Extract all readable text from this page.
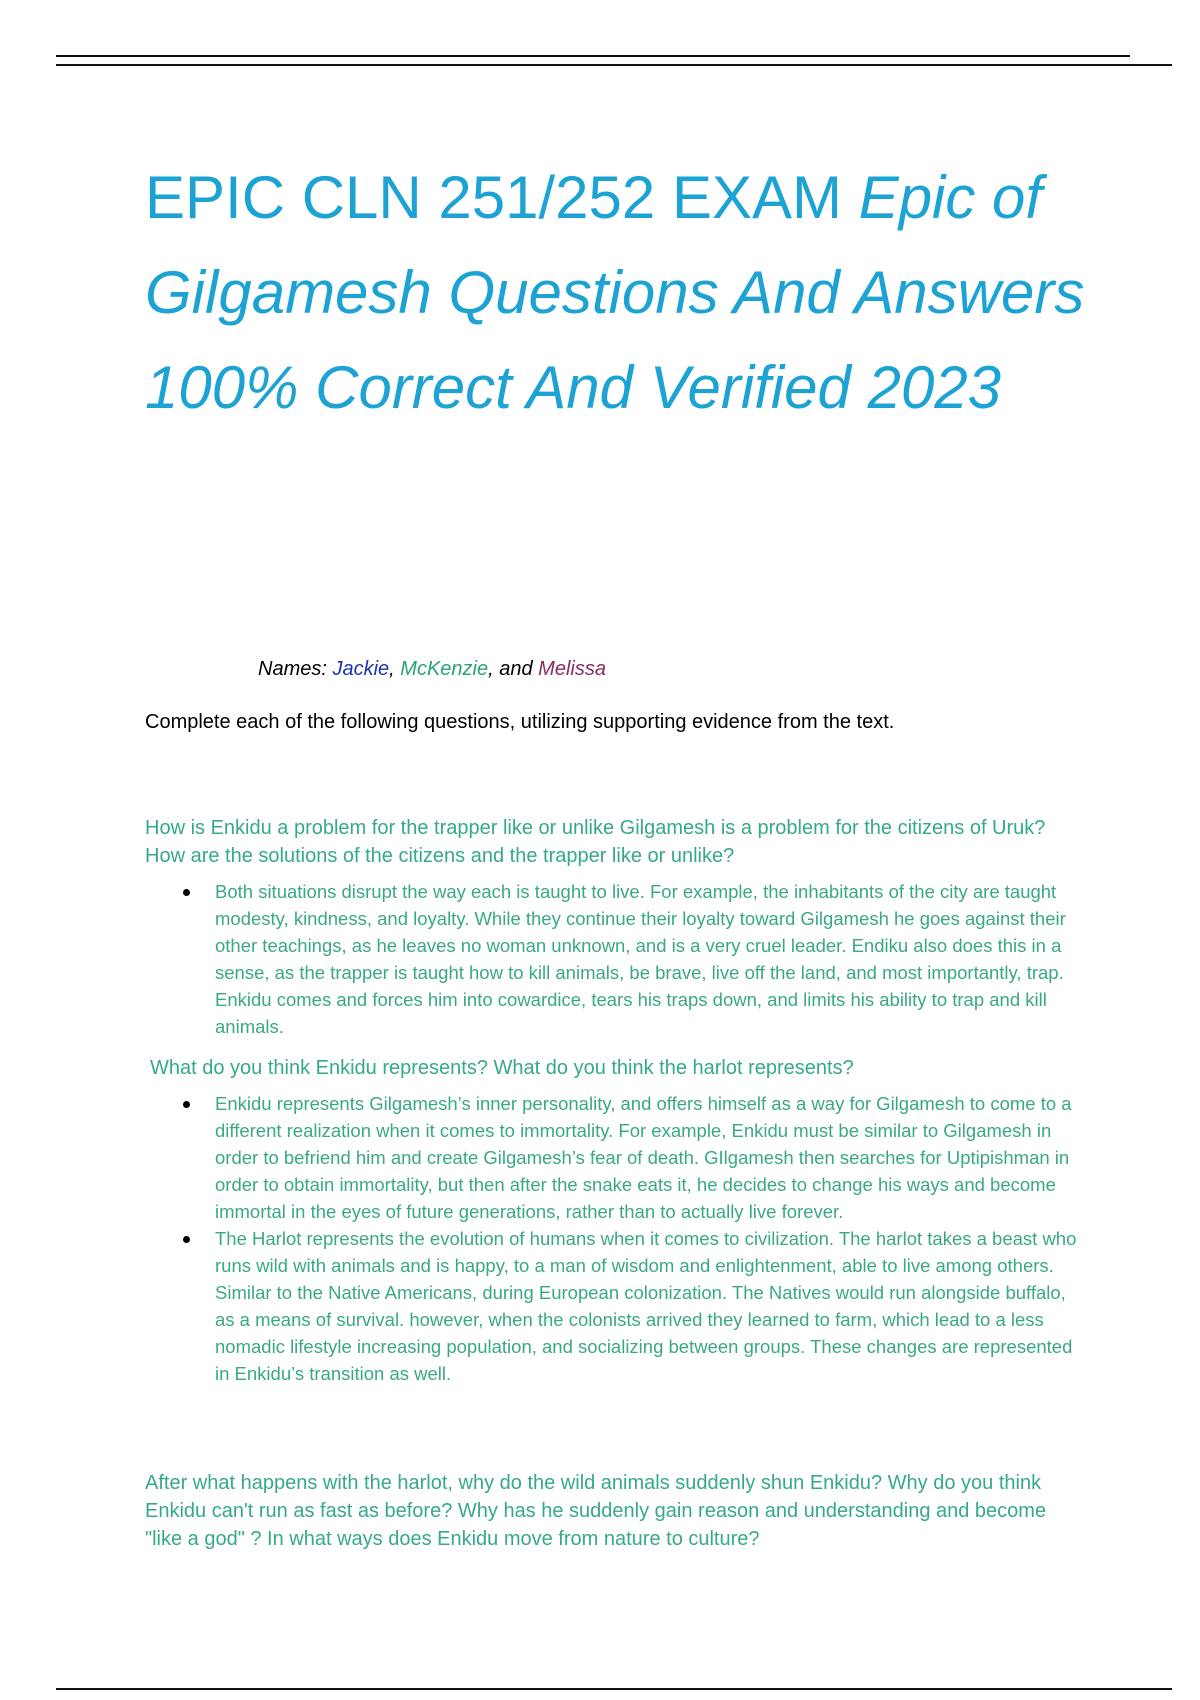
EPIC CLN 251/252 EXAM Epic of Gilgamesh Questions And Answers 100% Correct And Verified 2023
Names: Jackie, McKenzie, and Melissa
Complete each of the following questions, utilizing supporting evidence from the text.

How is Enkidu a problem for the trapper like or unlike Gilgamesh is a problem for the citizens of Uruk? How are the solutions of the citizens and the trapper like or unlike?

Both situations disrupt the way each is taught to live. For example, the inhabitants of the city are taught modesty, kindness, and loyalty. While they continue their loyalty toward Gilgamesh he goes against their other teachings, as he leaves no woman unknown, and is a very cruel leader. Endiku also does this in a sense, as the trapper is taught how to kill animals, be brave, live off the land, and most importantly, trap. Enkidu comes and forces him into cowardice, tears his traps down, and limits his ability to trap and kill animals.

What do you think Enkidu represents? What do you think the harlot represents?

Enkidu represents Gilgamesh’s inner personality, and offers himself as a way for Gilgamesh to come to a different realization when it comes to immortality. For example, Enkidu must be similar to Gilgamesh in order to befriend him and create Gilgamesh’s fear of death. GIlgamesh then searches for Uptipishman in order to obtain immortality, but then after the snake eats it, he decides to change his ways and become immortal in the eyes of future generations, rather than to actually live forever.
The Harlot represents the evolution of humans when it comes to civilization. The harlot takes a beast who runs wild with animals and is happy, to a man of wisdom and enlightenment, able to live among others. Similar to the Native Americans, during European colonization. The Natives would run alongside buffalo, as a means of survival. however, when the colonists arrived they learned to farm, which lead to a less nomadic lifestyle increasing population, and socializing between groups. These changes are represented in Enkidu’s transition as well.

After what happens with the harlot, why do the wild animals suddenly shun Enkidu? Why do you think Enkidu can't run as fast as before? Why has he suddenly gain reason and understanding and become "like a god" ? In what ways does Enkidu move from nature to culture?
